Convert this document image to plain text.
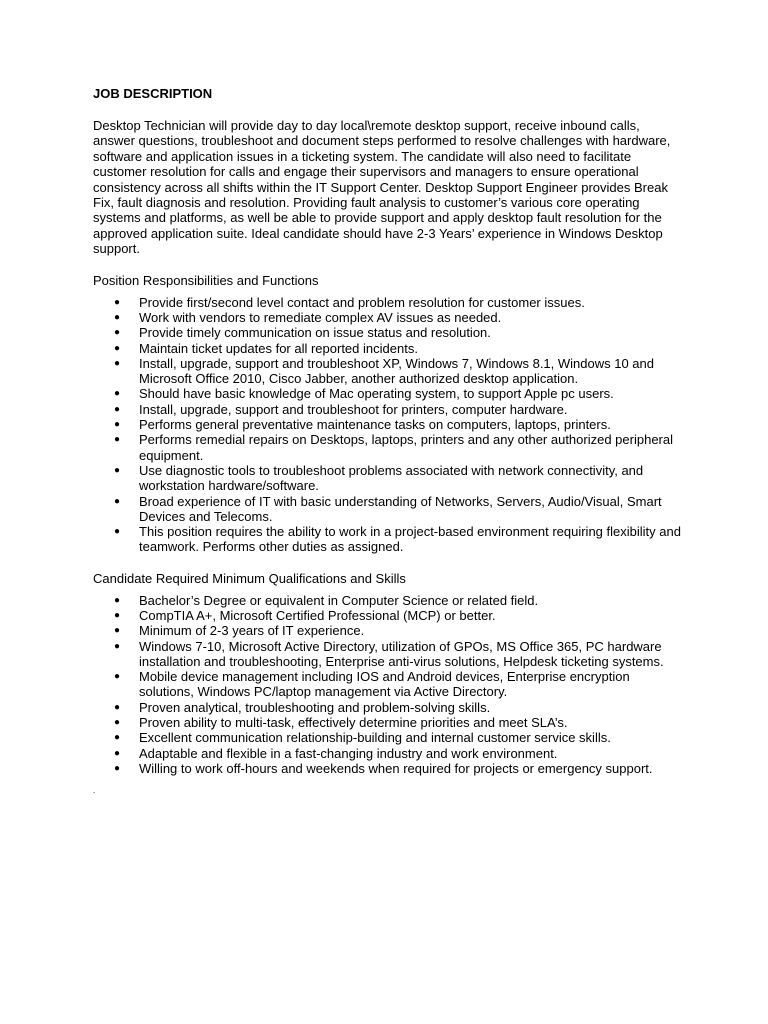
JOB DESCRIPTION

Desktop Technician will provide day to day local\remote desktop support, receive inbound calls, answer questions, troubleshoot and document steps performed to resolve challenges with hardware, software and application issues in a ticketing system. The candidate will also need to facilitate customer resolution for calls and engage their supervisors and managers to ensure operational consistency across all shifts within the IT Support Center. Desktop Support Engineer provides Break Fix, fault diagnosis and resolution. Providing fault analysis to customer’s various core operating systems and platforms, as well be able to provide support and apply desktop fault resolution for the approved application suite. Ideal candidate should have 2-3 Years’ experience in Windows Desktop support.

Position Responsibilities and Functions
● Provide first/second level contact and problem resolution for customer issues.
● Work with vendors to remediate complex AV issues as needed.
● Provide timely communication on issue status and resolution.
● Maintain ticket updates for all reported incidents.
● Install, upgrade, support and troubleshoot XP, Windows 7, Windows 8.1, Windows 10 and Microsoft Office 2010, Cisco Jabber, another authorized desktop application.
● Should have basic knowledge of Mac operating system, to support Apple pc users.
● Install, upgrade, support and troubleshoot for printers, computer hardware.
● Performs general preventative maintenance tasks on computers, laptops, printers.
● Performs remedial repairs on Desktops, laptops, printers and any other authorized peripheral equipment.
● Use diagnostic tools to troubleshoot problems associated with network connectivity, and workstation hardware/software.
● Broad experience of IT with basic understanding of Networks, Servers, Audio/Visual, Smart Devices and Telecoms.
● This position requires the ability to work in a project-based environment requiring flexibility and teamwork. Performs other duties as assigned.
Candidate Required Minimum Qualifications and Skills
● Bachelor’s Degree or equivalent in Computer Science or related field.
● CompTIA A+, Microsoft Certified Professional (MCP) or better.
● Minimum of 2-3 years of IT experience.
● Windows 7-10, Microsoft Active Directory, utilization of GPOs, MS Office 365, PC hardware installation and troubleshooting, Enterprise anti-virus solutions, Helpdesk ticketing systems.
● Mobile device management including IOS and Android devices, Enterprise encryption solutions, Windows PC/laptop management via Active Directory.
● Proven analytical, troubleshooting and problem-solving skills.
● Proven ability to multi-task, effectively determine priorities and meet SLA’s.
● Excellent communication relationship-building and internal customer service skills.
● Adaptable and flexible in a fast-changing industry and work environment.
● Willing to work off-hours and weekends when required for projects or emergency support.
.
